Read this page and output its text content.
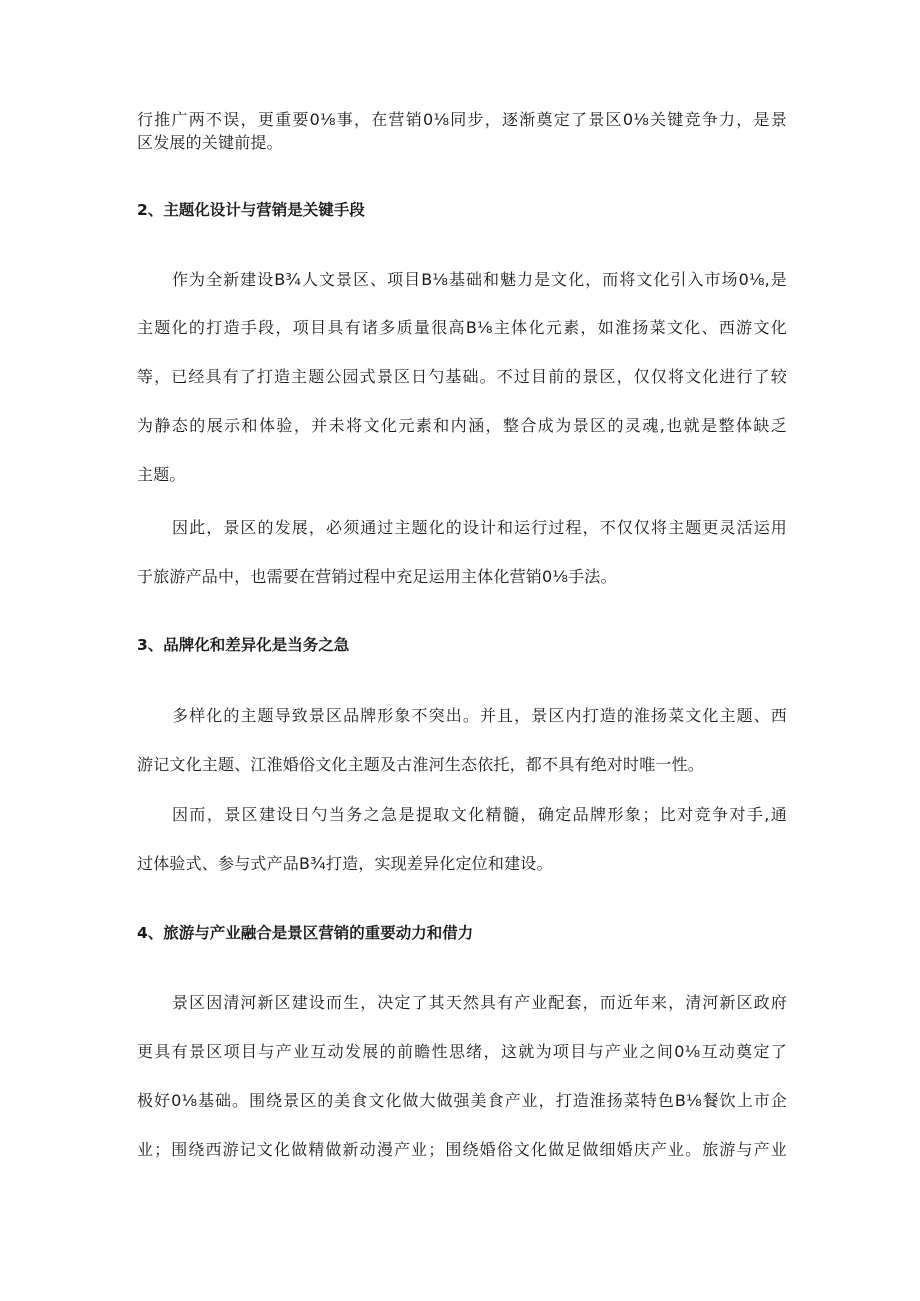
行推广两不误，更重要0⅛事，在营销0⅛同步，逐渐奠定了景区0⅛关键竞争力，是景
区发展的关键前提。
2、主题化设计与营销是关键手段
作为全新建设B¾人文景区、项目B⅛基础和魅力是文化，而将文化引入市场0⅛,是
主题化的打造手段，项目具有诸多质量很高B⅛主体化元素，如淮扬菜文化、西游文化
等，已经具有了打造主题公园式景区日勺基础。不过目前的景区，仅仅将文化进行了较
为静态的展示和体验，并未将文化元素和内涵，整合成为景区的灵魂,也就是整体缺乏
主题。
因此，景区的发展，必须通过主题化的设计和运行过程，不仅仅将主题更灵活运用
于旅游产品中，也需要在营销过程中充足运用主体化营销0⅛手法。
3、品牌化和差异化是当务之急
多样化的主题导致景区品牌形象不突出。并且，景区内打造的淮扬菜文化主题、西
游记文化主题、江淮婚俗文化主题及古淮河生态依托，都不具有绝对时唯一性。
因而，景区建设日勺当务之急是提取文化精髓，确定品牌形象；比对竞争对手,通
过体验式、参与式产品B¾打造，实现差异化定位和建设。
4、旅游与产业融合是景区营销的重要动力和借力
景区因清河新区建设而生，决定了其天然具有产业配套，而近年来，清河新区政府
更具有景区项目与产业互动发展的前瞻性思绪，这就为项目与产业之间0⅛互动奠定了
极好0⅛基础。围绕景区的美食文化做大做强美食产业，打造淮扬菜特色B⅛餐饮上市企
业；围绕西游记文化做精做新动漫产业；围绕婚俗文化做足做细婚庆产业。旅游与产业
